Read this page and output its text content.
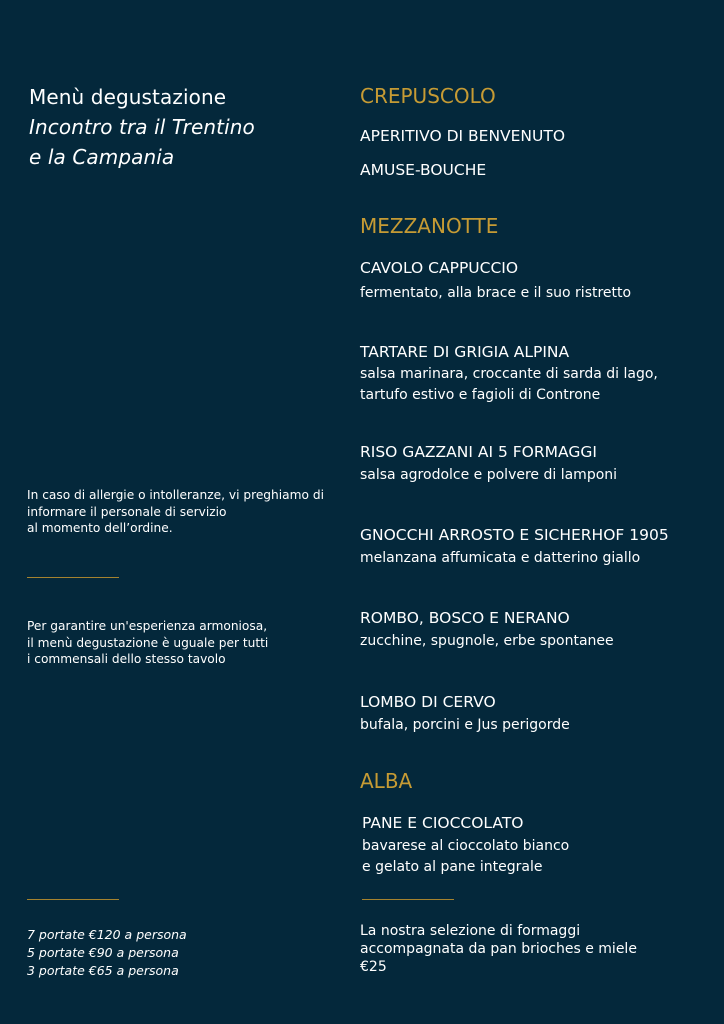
Menù degustazione
Incontro tra il Trentino
e la Campania
In caso di allergie o intolleranze, vi preghiamo di
informare il personale di servizio
al momento dell’ordine.
Per garantire un'esperienza armoniosa,
il menù degustazione è uguale per tutti
i commensali dello stesso tavolo
7 portate €120 a persona
5 portate €90 a persona
3 portate €65 a persona
CREPUSCOLO
APERITIVO DI BENVENUTO
AMUSE-BOUCHE
MEZZANOTTE
CAVOLO CAPPUCCIO
fermentato, alla brace e il suo ristretto
TARTARE DI GRIGIA ALPINA
salsa marinara, croccante di sarda di lago,
tartufo estivo e fagioli di Controne
RISO GAZZANI AI 5 FORMAGGI
salsa agrodolce e polvere di lamponi
GNOCCHI ARROSTO E SICHERHOF 1905
melanzana affumicata e datterino giallo
ROMBO, BOSCO E NERANO
zucchine, spugnole, erbe spontanee
LOMBO DI CERVO
bufala, porcini e Jus perigorde
ALBA
PANE E CIOCCOLATO
bavarese al cioccolato bianco
e gelato al pane integrale
La nostra selezione di formaggi
accompagnata da pan brioches e miele
€25
